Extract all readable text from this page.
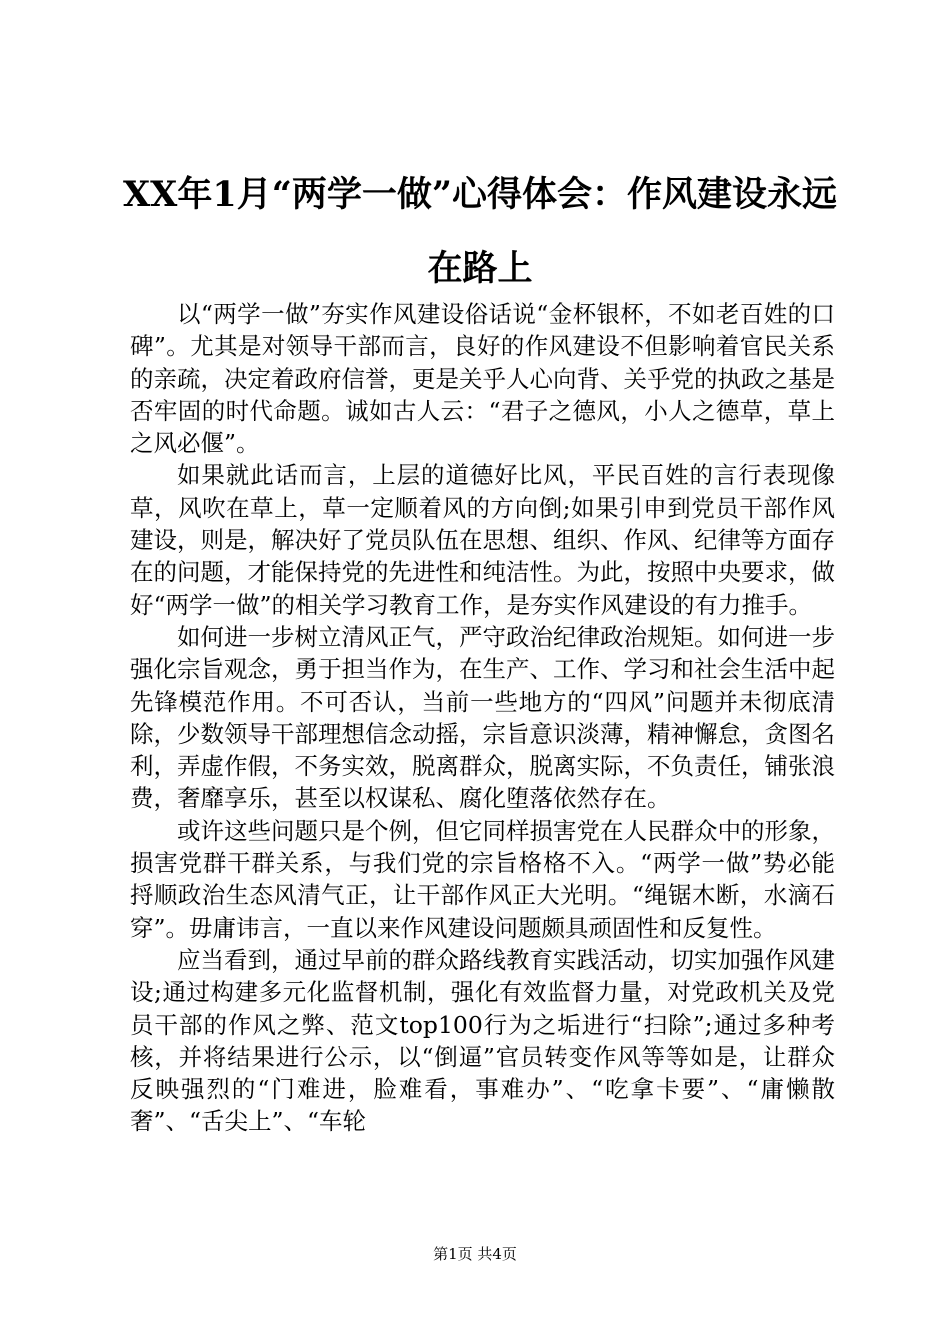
XX年1月“两学一做”心得体会：作风建设永远在路上

以“两学一做”夯实作风建设俗话说“金杯银杯，不如老百姓的口碑”。尤其是对领导干部而言，良好的作风建设不但影响着官民关系的亲疏，决定着政府信誉，更是关乎人心向背、关乎党的执政之基是否牢固的时代命题。诚如古人云：“君子之德风，小人之德草，草上之风必偃”。

如果就此话而言，上层的道德好比风，平民百姓的言行表现像草，风吹在草上，草一定顺着风的方向倒;如果引申到党员干部作风建设，则是，解决好了党员队伍在思想、组织、作风、纪律等方面存在的问题，才能保持党的先进性和纯洁性。为此，按照中央要求，做好“两学一做”的相关学习教育工作，是夯实作风建设的有力推手。

如何进一步树立清风正气，严守政治纪律政治规矩。如何进一步强化宗旨观念，勇于担当作为，在生产、工作、学习和社会生活中起先锋模范作用。不可否认，当前一些地方的“四风”问题并未彻底清除，少数领导干部理想信念动摇，宗旨意识淡薄，精神懈怠，贪图名利，弄虚作假，不务实效，脱离群众，脱离实际，不负责任，铺张浪费，奢靡享乐，甚至以权谋私、腐化堕落依然存在。

或许这些问题只是个例，但它同样损害党在人民群众中的形象，损害党群干群关系，与我们党的宗旨格格不入。“两学一做”势必能捋顺政治生态风清气正，让干部作风正大光明。“绳锯木断，水滴石穿”。毋庸讳言，一直以来作风建设问题颇具顽固性和反复性。

应当看到，通过早前的群众路线教育实践活动，切实加强作风建设;通过构建多元化监督机制，强化有效监督力量，对党政机关及党员干部的作风之弊、范文top100行为之垢进行“扫除”;通过多种考核，并将结果进行公示，以“倒逼”官员转变作风等等如是，让群众反映强烈的“门难进，脸难看，事难办”、“吃拿卡要”、“庸懒散奢”、“舌尖上”、“车轮

第1页 共4页
